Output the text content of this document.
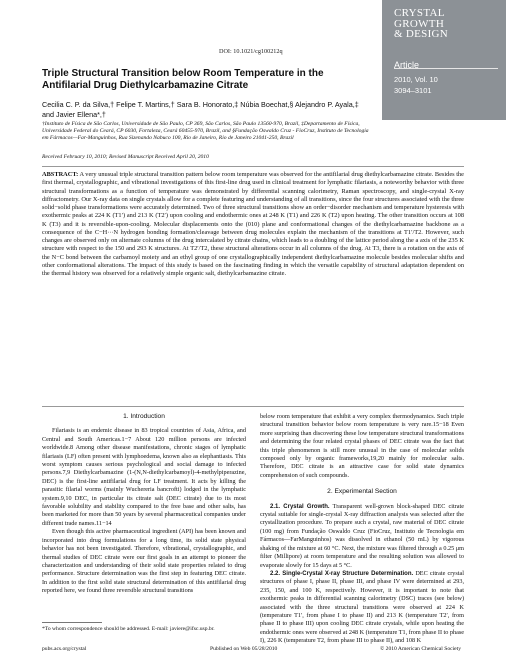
DOI: 10.1021/cg100212q
CRYSTAL
GROWTH
& DESIGN
Article
2010, Vol. 10
3094–3101
Triple Structural Transition below Room Temperature in the Antifilarial Drug Diethylcarbamazine Citrate

Cecilia C. P. da Silva,† Felipe T. Martins,† Sara B. Honorato,‡ Núbia Boechat,§ Alejandro P. Ayala,‡ and Javier Ellena*,†

†Instituto de Física de São Carlos, Universidade de São Paulo, CP 369, São Carlos, São Paulo 13560-970, Brazil, ‡Departamento de Física, Universidade Federal do Ceará, CP 6030, Fortaleza, Ceará 60455-970, Brazil, and §Fundação Oswaldo Cruz - FioCruz, Instituto de Tecnologia em Fármacos—Far-Manguinhos, Rua Sizenando Nabuco 100, Rio de Janeiro, Rio de Janeiro 21041-250, Brazil

Received February 10, 2010; Revised Manuscript Received April 20, 2010

ABSTRACT: A very unusual triple structural transition pattern below room temperature was observed for the antifilarial drug diethylcarbamazine citrate. Besides the first thermal, crystallographic, and vibrational investigations of this first-line drug used in clinical treatment for lymphatic filariasis, a noteworthy behavior with three structural transformations as a function of temperature was demonstrated by differential scanning calorimetry, Raman spectroscopy, and single-crystal X-ray diffractometry. Our X-ray data on single crystals allow for a complete featuring and understanding of all transitions, since the four structures associated with the three solid−solid phase transformations were accurately determined. Two of three structural transitions show an order−disorder mechanism and temperature hysteresis with exothermic peaks at 224 K (T1′) and 213 K (T2′) upon cooling and endothermic ones at 248 K (T1) and 226 K (T2) upon heating. The other transition occurs at 108 K (T3) and it is reversible-upon-cooling. Molecular displacements onto the (010) plane and conformational changes of the diethylcarbamazine backbone as a consequence of the C−H···N hydrogen bonding formation/cleavage between drug molecules explain the mechanism of the transitions at T1′/T2. However, such changes are observed only on alternate columns of the drug intercalated by citrate chains, which leads to a doubling of the lattice period along the a axis of the 235 K structure with respect to the 150 and 293 K structures. At T2′/T2, these structural alterations occur in all columns of the drug. At T3, there is a rotation on the axis of the N−C bond between the carbamoyl moiety and an ethyl group of one crystallographically independent diethylcarbamazine molecule besides molecular shifts and other conformational alterations. The impact of this study is based on the fascinating finding in which the versatile capability of structural adaptation dependent on the thermal history was observed for a relatively simple organic salt, diethylcarbamazine citrate.

1. Introduction

Filariasis is an endemic disease in 83 tropical countries of Asia, Africa, and Central and South Americas.1−7 About 120 million persons are infected worldwide.8 Among other disease manifestations, chronic stages of lymphatic filariasis (LF) often present with lymphoedema, known also as elephantiasis. This worst symptom causes serious psychological and social damage to infected persons.7,9 Diethylcarbamazine (1-(N,N-diethylcarbamoyl)-4-methylpiperazine, DEC) is the first-line antifilarial drug for LF treatment. It acts by killing the parasitic filarial worms (mainly Wuchereria bancrofti) lodged in the lymphatic system.9,10 DEC, in particular its citrate salt (DEC citrate) due to its most favorable solubility and stability compared to the free base and other salts, has been marketed for more than 50 years by several pharmaceutical companies under different trade names.11−14

Even though this active pharmaceutical ingredient (API) has been known and incorporated into drug formulations for a long time, its solid state physical behavior has not been investigated. Therefore, vibrational, crystallographic, and thermal studies of DEC citrate were our first goals in an attempt to pioneer the characterization and understanding of their solid state properties related to drug performance. Structure determination was the first step in featuring DEC citrate. In addition to the first solid state structural determination of this antifilarial drug reported here, we found three reversible structural transitions

below room temperature that exhibit a very complex thermodynamics. Such triple structural transition behavior below room temperature is very rare.15−18 Even more surprising than discovering these low temperature structural transformations and determining the four related crystal phases of DEC citrate was the fact that this triple phenomenon is still more unusual in the case of molecular solids composed only by organic frameworks,19,20 mainly for molecular salts. Therefore, DEC citrate is an attractive case for solid state dynamics comprehension of such compounds.

2. Experimental Section

2.1. Crystal Growth. Transparent well-grown block-shaped DEC citrate crystal suitable for single-crystal X-ray diffraction analysis was selected after the crystallization procedure. To prepare such a crystal, raw material of DEC citrate (100 mg) from Fundação Oswaldo Cruz (FioCruz, Instituto de Tecnologia em Fármacos—FarManguinhos) was dissolved in ethanol (50 mL) by vigorous shaking of the mixture at 60 °C. Next, the mixture was filtered through a 0.25 μm filter (Millipore) at room temperature and the resulting solution was allowed to evaporate slowly for 15 days at 5 °C.

2.2. Single-Crystal X-ray Structure Determination. DEC citrate crystal structures of phase I, phase II, phase III, and phase IV were determined at 293, 235, 150, and 100 K, respectively. However, it is important to note that exothermic peaks in differential scanning calorimetry (DSC) traces (see below) associated with the three structural transitions were observed at 224 K (temperature T1′, from phase I to phase II) and 213 K (temperature T2′, from phase II to phase III) upon cooling DEC citrate crystals, while upon heating the endothermic ones were observed at 248 K (temperature T1, from phase II to phase I), 226 K (temperature T2, from phase III to phase II), and 108 K

*To whom correspondence should be addressed. E-mail: javiere@ifsc.usp.br.

pubs.acs.org/crystal	Published on Web 05/28/2010	© 2010 American Chemical Society
